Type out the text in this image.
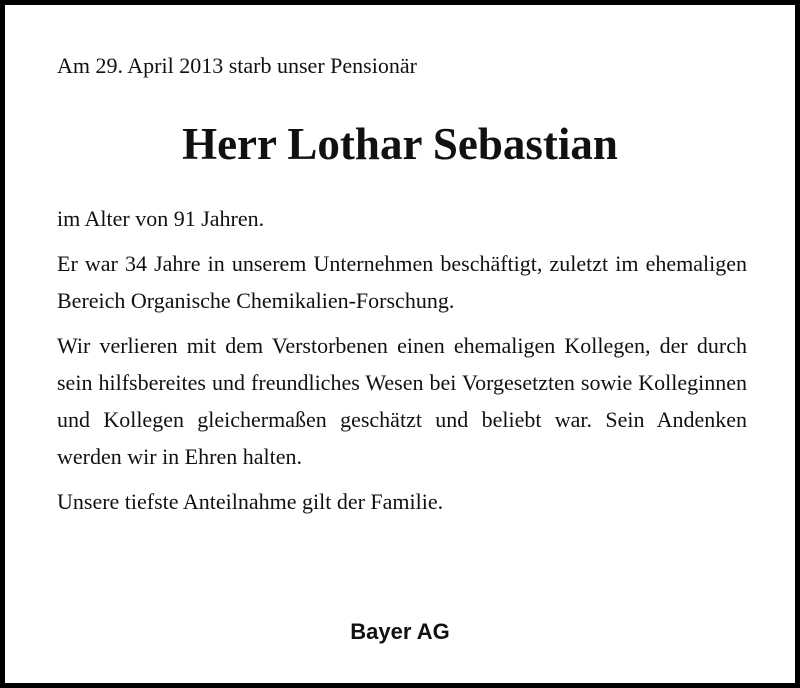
Am 29. April 2013 starb unser Pensionär
Herr Lothar Sebastian

im Alter von 91 Jahren.

Er war 34 Jahre in unserem Unternehmen beschäftigt, zuletzt im ehemaligen Bereich Organische Chemikalien-Forschung.

Wir verlieren mit dem Verstorbenen einen ehemaligen Kollegen, der durch sein hilfsbereites und freundliches Wesen bei Vorgesetzten sowie Kolleginnen und Kollegen gleichermaßen geschätzt und beliebt war. Sein Andenken werden wir in Ehren halten.

Unsere tiefste Anteilnahme gilt der Familie.

Bayer AG
